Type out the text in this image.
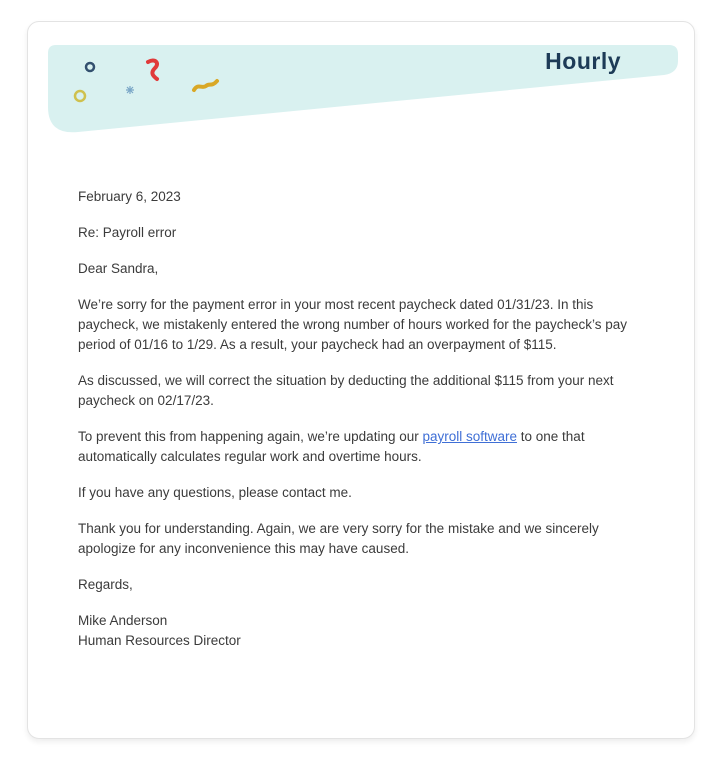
Hourly

February 6, 2023

Re: Payroll error

Dear Sandra,

We’re sorry for the payment error in your most recent paycheck dated 01/31/23. In this paycheck, we mistakenly entered the wrong number of hours worked for the paycheck’s pay period of 01/16 to 1/29. As a result, your paycheck had an overpayment of $115.

As discussed, we will correct the situation by deducting the additional $115 from your next paycheck on 02/17/23.

To prevent this from happening again, we’re updating our payroll software to one that automatically calculates regular work and overtime hours.

If you have any questions, please contact me.

Thank you for understanding. Again, we are very sorry for the mistake and we sincerely apologize for any inconvenience this may have caused.

Regards,

Mike Anderson
Human Resources Director
